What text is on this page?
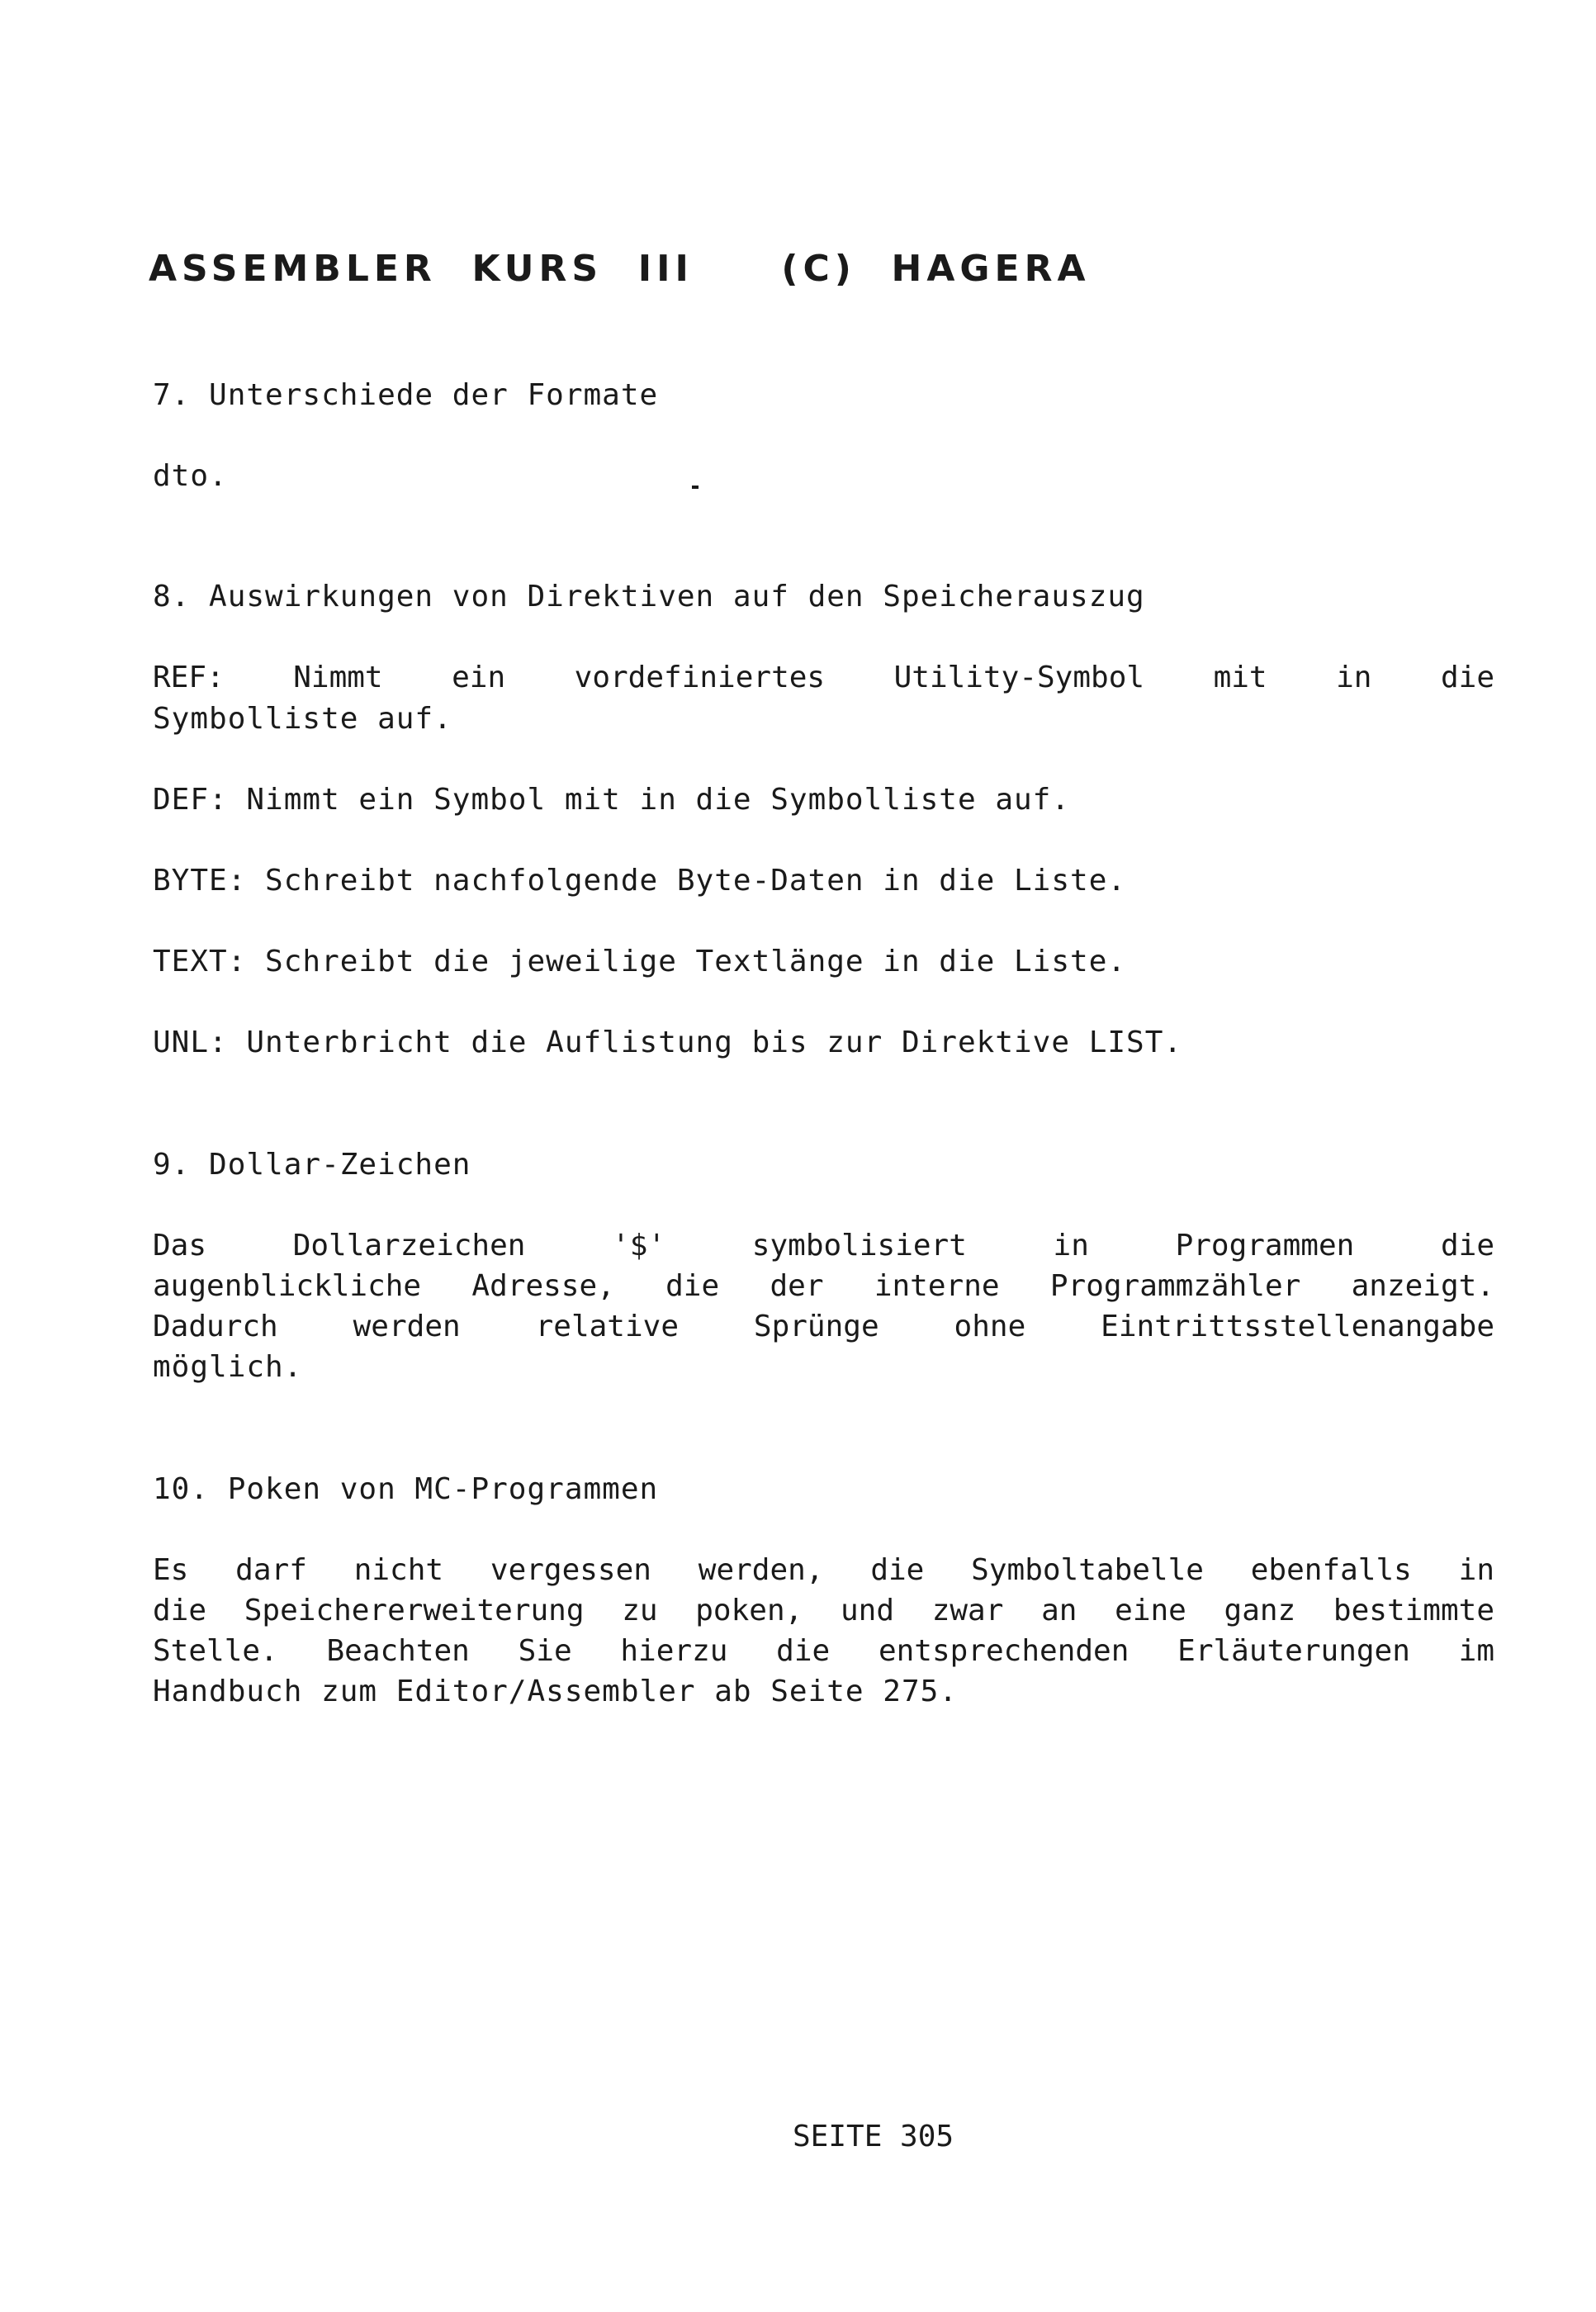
ASSEMBLER  KURS  III     (C)  HAGERA
7. Unterschiede der Formate
dto.
8. Auswirkungen von Direktiven auf den Speicherauszug
REF: Nimmt ein vordefiniertes Utility-Symbol mit in die
Symbolliste auf.
DEF: Nimmt ein Symbol mit in die Symbolliste auf.
BYTE: Schreibt nachfolgende Byte-Daten in die Liste.
TEXT: Schreibt die jeweilige Textlänge in die Liste.
UNL: Unterbricht die Auflistung bis zur Direktive LIST.
9. Dollar-Zeichen
Das Dollarzeichen '$' symbolisiert in Programmen die
augenblickliche Adresse, die der interne Programmzähler anzeigt.
Dadurch werden relative Sprünge ohne Eintrittsstellenangabe
möglich.
10. Poken von MC-Programmen
Es darf nicht vergessen werden, die Symboltabelle ebenfalls in
die Speichererweiterung zu poken, und zwar an eine ganz bestimmte
Stelle. Beachten Sie hierzu die entsprechenden Erläuterungen im
Handbuch zum Editor/Assembler ab Seite 275.
SEITE 305
